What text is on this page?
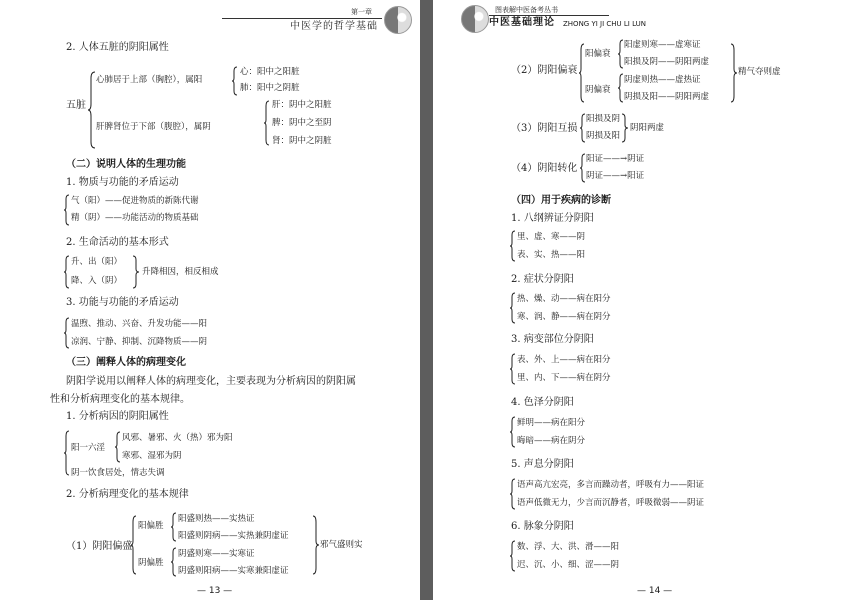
第一章
中医学的哲学基础
2. 人体五脏的阴阳属性
五脏
心肺居于上部（胸腔），属阳
心：阳中之阳脏
肺：阳中之阴脏
肝脾肾位于下部（腹腔），属阴
肝：阴中之阳脏
脾：阴中之至阴
肾：阴中之阴脏
（二）说明人体的生理功能
1. 物质与功能的矛盾运动
气（阳）——促进物质的新陈代谢
精（阴）——功能活动的物质基础
2. 生命活动的基本形式
升、出（阳）
降、入（阴）
升降相因，相反相成
3. 功能与功能的矛盾运动
温煦、推动、兴奋、升发功能——阳
凉润、宁静、抑制、沉降物质——阴
（三）阐释人体的病理变化
阴阳学说用以阐释人体的病理变化，主要表现为分析病因的阴阳属
性和分析病理变化的基本规律。
1. 分析病因的阴阳属性
阳一六淫
风邪、暑邪、火（热）邪为阳
寒邪、湿邪为阴
阴一饮食居处，情志失调
2. 分析病理变化的基本规律
（1）阴阳偏盛
阳偏胜
阴偏胜
阳盛则热——实热证
阳盛则阴病——实热兼阴虚证
阴盛则寒——实寒证
阴盛则阳病——实寒兼阳虚证
邪气盛则实
— 13 —
图表解中医备考丛书
中医基础理论 ZHONG YI JI CHU LI LUN
（2）阴阳偏衰
阳偏衰
阴偏衰
阳虚则寒——虚寒证
阳损及阴——阴阳两虚
阴虚则热——虚热证
阴损及阳——阴阳两虚
精气夺则虚
（3）阴阳互损
阳损及阴
阴损及阳
阴阳两虚
（4）阴阳转化
阳证——→阴证
阴证——→阳证
（四）用于疾病的诊断
1. 八纲辨证分阴阳
里、虚、寒——阴
表、实、热——阳
2. 症状分阴阳
热、燥、动——病在阳分
寒、润、静——病在阴分
3. 病变部位分阴阳
表、外、上——病在阳分
里、内、下——病在阴分
4. 色泽分阴阳
鲜明——病在阳分
晦暗——病在阴分
5. 声息分阴阳
语声高亢宏亮，多言而躁动者，呼吸有力——阳证
语声低微无力，少言而沉静者，呼吸微弱——阴证
6. 脉象分阴阳
数、浮、大、洪、滑——阳
迟、沉、小、细、涩——阴
— 14 —
